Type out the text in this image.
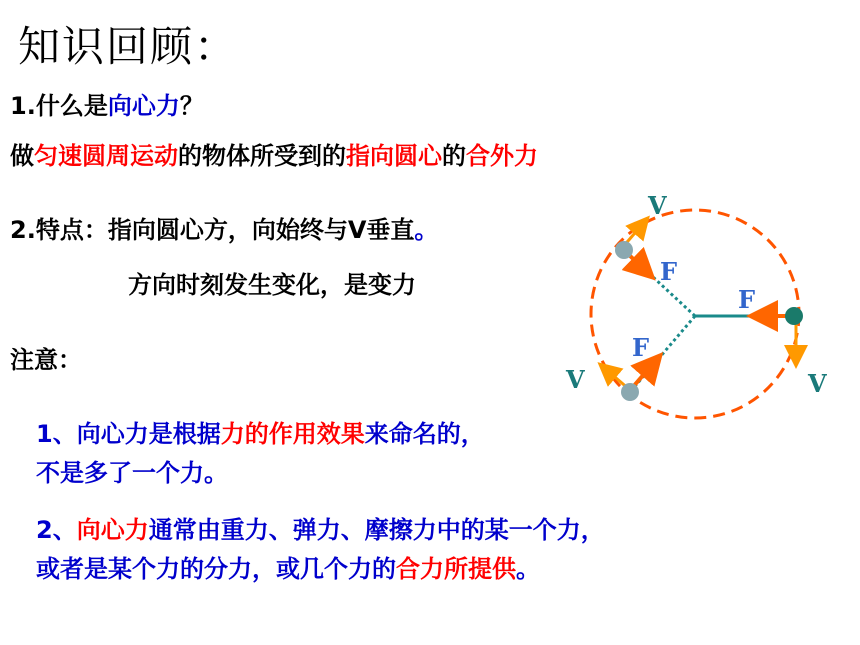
知识回顾：
1.什么是向心力？
做匀速圆周运动的物体所受到的指向圆心的合外力
2.特点：指向圆心方，向始终与V垂直。
方向时刻发生变化，是变力
注意：
1、向心力是根据力的作用效果来命名的，
不是多了一个力。
2、向心力通常由重力、弹力、摩擦力中的某一个力，
或者是某个力的分力，或几个力的合力所提供。
V
V	V
F
F
F
